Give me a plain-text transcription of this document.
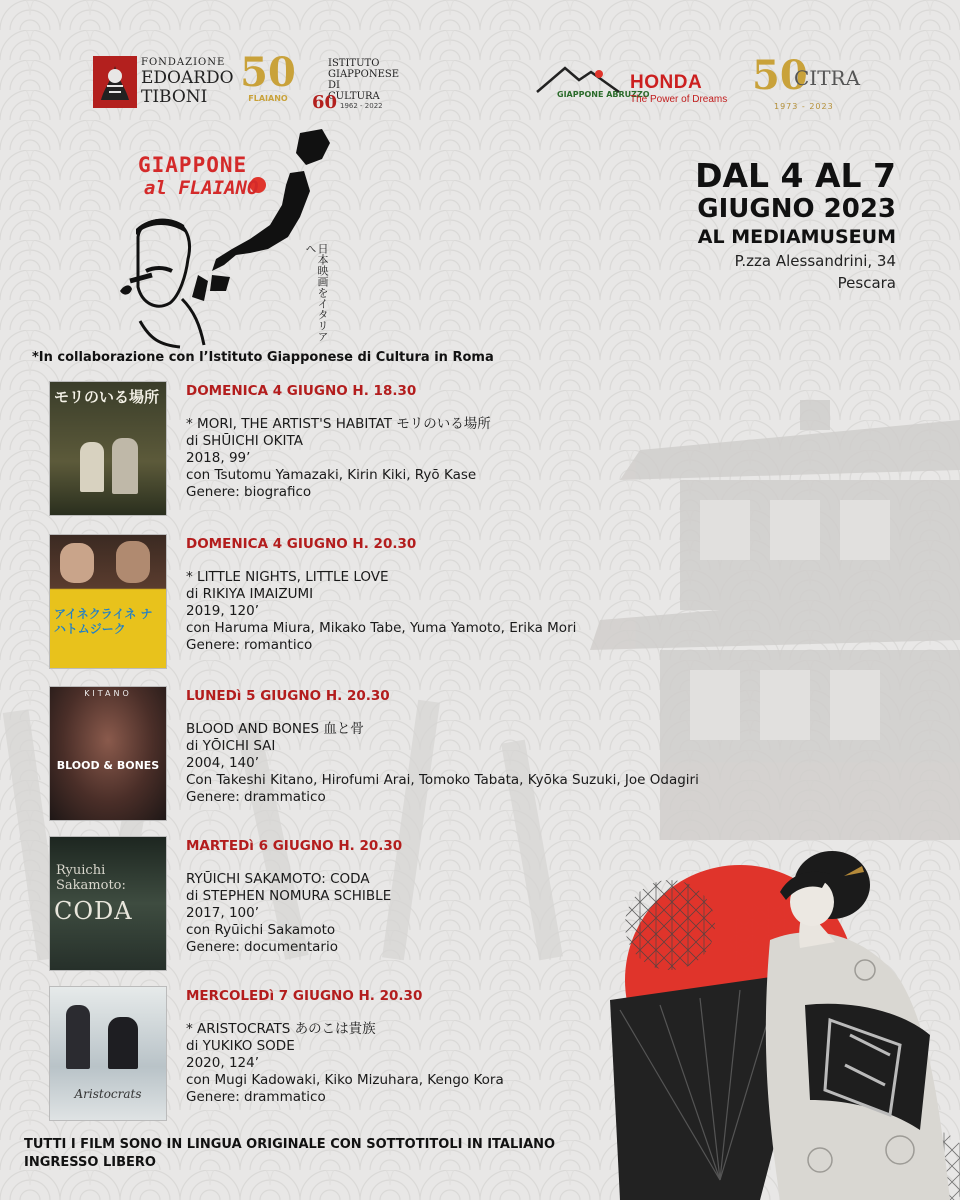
FONDAZIONE
EDOARDO
TIBONI
50
FLAIANO
ISTITUTO
GIAPPONESE
DI CULTURA
60 1962 - 2022
GIAPPONE ABRUZZO
HONDA
The Power of Dreams
50
CITRA
1973 - 2023
GIAPPONE
al FLAIANO
日本映画をイタリアへ
DAL 4 AL 7
GIUGNO 2023
AL MEDIAMUSEUM
P.zza Alessandrini, 34
Pescara
*In collaborazione con l’Istituto Giapponese di Cultura in Roma
モリのいる場所 DOMENICA 4 GIUGNO H. 18.30
* MORI, THE ARTIST'S HABITAT モリのいる場所
di SHŪICHI OKITA
2018, 99’
con Tsutomu Yamazaki, Kirin Kiki, Ryō Kase
Genere: biografico
アイネクライネ ナハトムジーク
DOMENICA 4 GIUGNO H. 20.30
* LITTLE NIGHTS, LITTLE LOVE
di RIKIYA IMAIZUMI
2019, 120’
con Haruma Miura, Mikako Tabe, Yuma Yamoto, Erika Mori
Genere: romantico
KITANO
BLOOD & BONES
LUNEDì 5 GIUGNO H. 20.30
BLOOD AND BONES 血と骨
di YŌICHI SAI
2004, 140’
Con Takeshi Kitano, Hirofumi Arai, Tomoko Tabata, Kyōka Suzuki, Joe Odagiri
Genere: drammatico
Ryuichi Sakamoto:
CODA
MARTEDì 6 GIUGNO H. 20.30
RYŪICHI SAKAMOTO: CODA
di STEPHEN NOMURA SCHIBLE
2017, 100’
con Ryūichi Sakamoto
Genere: documentario
Aristocrats
MERCOLEDì 7 GIUGNO H. 20.30
* ARISTOCRATS あのこは貴族
di YUKIKO SODE
2020, 124’
con Mugi Kadowaki, Kiko Mizuhara, Kengo Kora
Genere: drammatico
TUTTI I FILM SONO IN LINGUA ORIGINALE CON SOTTOTITOLI IN ITALIANO
INGRESSO LIBERO
